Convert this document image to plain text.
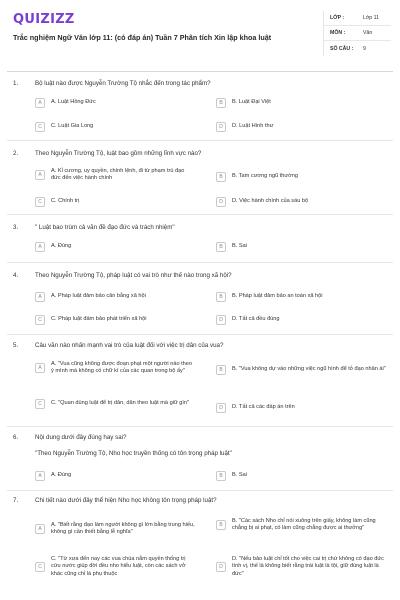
QUIZIZZ
Trắc nghiệm Ngữ Văn lớp 11: (có đáp án) Tuần 7 Phân tích Xin lập khoa luật
LỚP :	Lớp 11
MÔN :	Văn
SỐ CÂU :	9
1.	Bộ luật nào được Nguyễn Trường Tộ nhắc đến trong tác phẩm?
A	A. Luật Hồng Đức	B	B. Luật Đại Việt
C	C. Luật Gia Long	D	D. Luật Hình thư
2.	Theo Nguyễn Trường Tộ, luật bao gồm những lĩnh vực nào?
A
A. Kỉ cương, uy quyền, chính lệnh, đi từ phạm trù đạo đức đến việc hành chính	B	B. Tam cương ngũ thường
C	C. Chính trị	D	D. Việc hành chính của sáu bộ
3.	" Luật bao trùm cả văn đề đạo đức và trách nhiệm"
A	A. Đúng	B	B. Sai
4.	Theo Nguyễn Trường Tộ, pháp luật có vai trò như thế nào trong xã hội?
A	A. Pháp luật đảm bảo cân bằng xã hội	B	B. Pháp luật đảm bảo an toàn xã hội
C	C. Pháp luật đảm bảo phát triển xã hội	D	D. Tất cả đều đúng
5.	Câu văn nào nhấn mạnh vai trò của luật đối với việc trị dân của vua?
A
A. "Vua cũng không được đoạn phạt một người nào theo ý mình mà không có chữ kí của các quan trong bộ ấy"	B	B. "Vua không dự vào những việc ngũ hình để tỏ đạo nhân ái"
C	C. "Quan dùng luật để trị dân, dân theo luật mà giữ gìn"
D	D. Tất cả các đáp án trên
6.	Nội dung dưới đây đúng hay sai?
"Theo Nguyễn Trường Tộ, Nho học truyền thống có tôn trọng pháp luật"
A	A. Đúng	B	B. Sai
7.	Chi tiết nào dưới đây thể hiện Nho học không tôn trọng pháp luật?
A
A. "Biết rằng đạo làm người không gì lớn bằng trung hiếu, không gì cần thiết bằng lễ nghĩa"
B
B. "Các sách Nho chỉ nói xuông trên giấy, không làm cũng chẳng bị ai phạt, có làm cũng chẳng được ai thưởng"
C
C. "Từ xưa đến nay các vua chúa nắm quyền thống trị cứu nước giúp đời đều nho hiểu luật, còn các sách vở khác cũng chỉ là phụ thuộc
D
D. "Nếu bảo luật chỉ tốt cho việc cai trị chứ không có đạo đức tình vị, thế là không biết rằng trái luật là tội, giữ đúng luật là đức"
